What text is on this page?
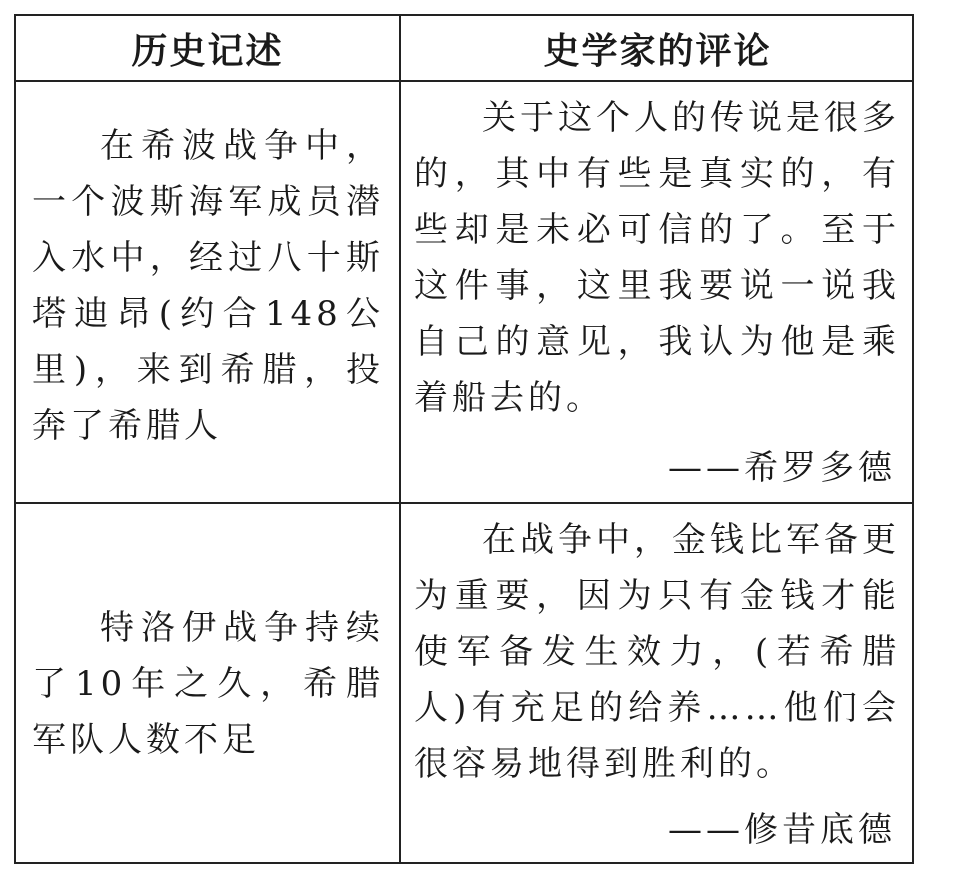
历史记述	史学家的评论
在希波战争中，一个波斯海军成员潜入水中，经过八十斯塔迪昂(约合148公里)，来到希腊，投奔了希腊人
关于这个人的传说是很多的，其中有些是真实的，有些却是未必可信的了。至于这件事，这里我要说一说我自己的意见，我认为他是乘着船去的。
——希罗多德
特洛伊战争持续了10年之久，希腊军队人数不足
在战争中，金钱比军备更为重要，因为只有金钱才能使军备发生效力，(若希腊人)有充足的给养……他们会很容易地得到胜利的。
——修昔底德
